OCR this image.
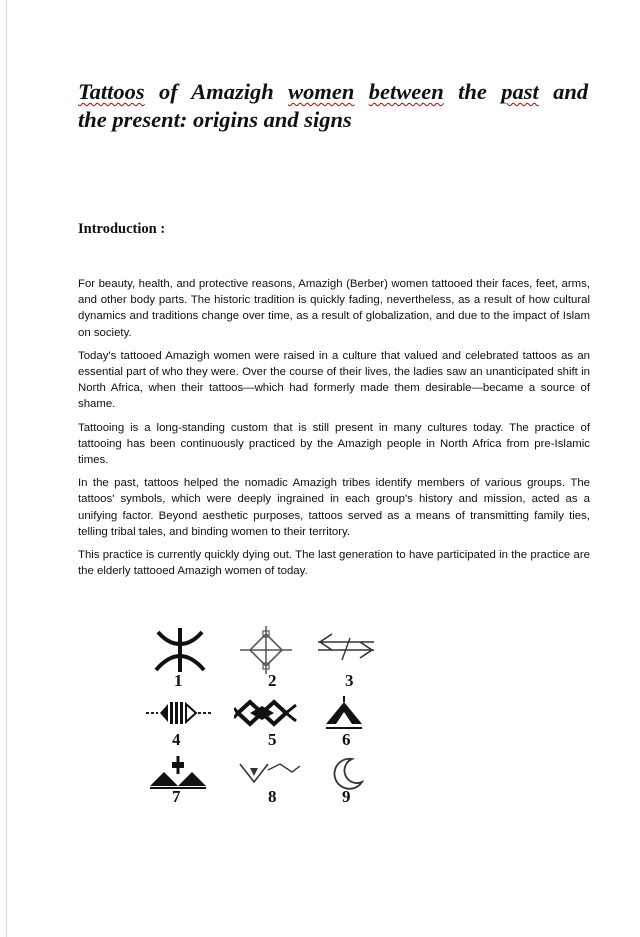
Tattoos of Amazigh women between the past and
the present: origins and signs
Introduction :

For beauty, health, and protective reasons, Amazigh (Berber) women tattooed their faces, feet, arms, and other body parts. The historic tradition is quickly fading, nevertheless, as a result of how cultural dynamics and traditions change over time, as a result of globalization, and due to the impact of Islam on society.

Today's tattooed Amazigh women were raised in a culture that valued and celebrated tattoos as an essential part of who they were. Over the course of their lives, the ladies saw an unanticipated shift in North Africa, when their tattoos—which had formerly made them desirable—became a source of shame.

Tattooing is a long-standing custom that is still present in many cultures today. The practice of tattooing has been continuously practiced by the Amazigh people in North Africa from pre-Islamic times.

In the past, tattoos helped the nomadic Amazigh tribes identify members of various groups. The tattoos' symbols, which were deeply ingrained in each group's history and mission, acted as a unifying factor. Beyond aesthetic purposes, tattoos served as a means of transmitting family ties, telling tribal tales, and binding women to their territory.

This practice is currently quickly dying out. The last generation to have participated in the practice are the elderly tattooed Amazigh women of today.

1	2	3
4	5	6
7	8	9
